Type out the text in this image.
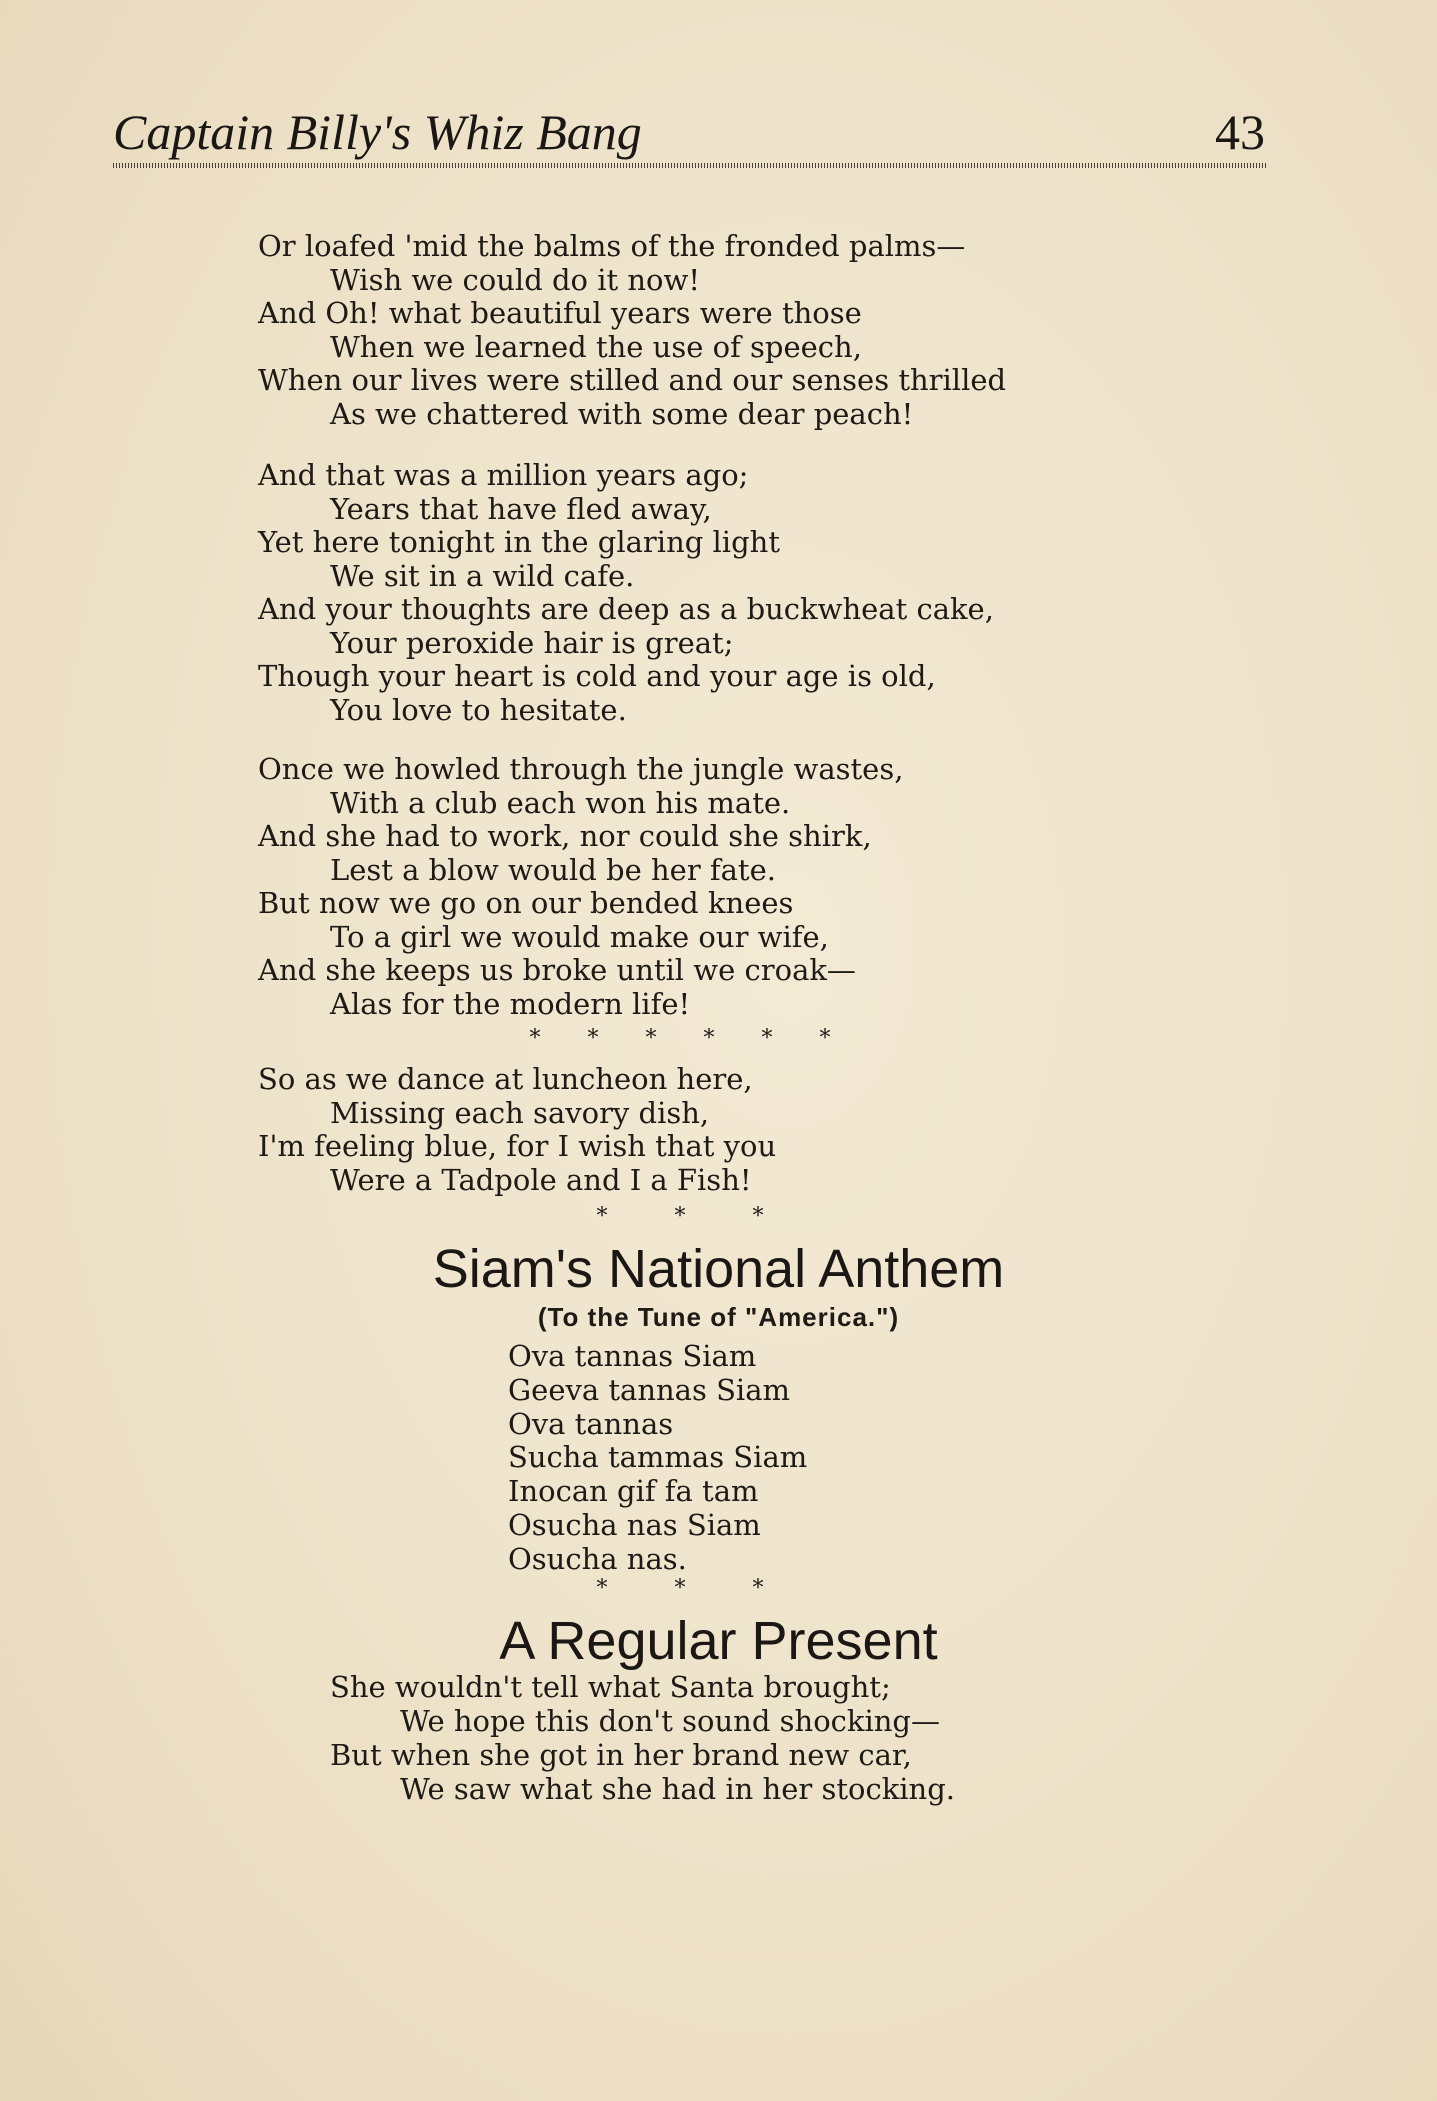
Captain Billy's Whiz Bang	43
Or loafed 'mid the balms of the fronded palms—
Wish we could do it now!
And Oh! what beautiful years were those
When we learned the use of speech,
When our lives were stilled and our senses thrilled
As we chattered with some dear peach!
And that was a million years ago;
Years that have fled away,
Yet here tonight in the glaring light
We sit in a wild cafe.
And your thoughts are deep as a buckwheat cake,
Your peroxide hair is great;
Though your heart is cold and your age is old,
You love to hesitate.
Once we howled through the jungle wastes,
With a club each won his mate.
And she had to work, nor could she shirk,
Lest a blow would be her fate.
But now we go on our bended knees
To a girl we would make our wife,
And she keeps us broke until we croak—
Alas for the modern life!
* * * * * *
So as we dance at luncheon here,
Missing each savory dish,
I'm feeling blue, for I wish that you
Were a Tadpole and I a Fish!
* * *
Siam's National Anthem
(To the Tune of "America.")
Ova tannas Siam
Geeva tannas Siam
Ova tannas
Sucha tammas Siam
Inocan gif fa tam
Osucha nas Siam
Osucha nas.
* * *
A Regular Present
She wouldn't tell what Santa brought;
We hope this don't sound shocking—
But when she got in her brand new car,
We saw what she had in her stocking.
